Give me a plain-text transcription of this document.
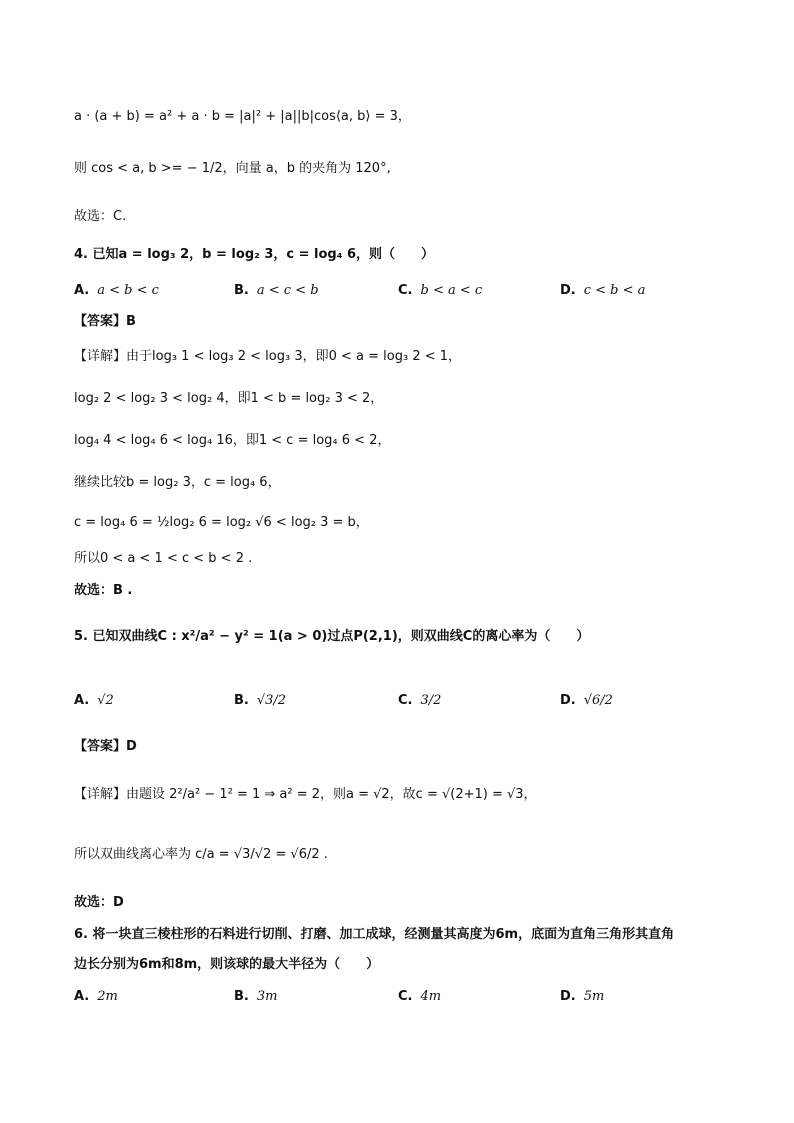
a · (a + b) = a² + a · b = |a|² + |a||b|cos⟨a, b⟩ = 3，
则 cos < a, b >= − 1/2，向量 a，b 的夹角为 120°,
故选：C.
4. 已知a = log₃ 2，b = log₂ 3，c = log₄ 6，则（　　）
A. a < b < c	B. a < c < b	C. b < a < c	D. c < b < a
【答案】B
【详解】由于log₃ 1 < log₃ 2 < log₃ 3，即0 < a = log₃ 2 < 1，
log₂ 2 < log₂ 3 < log₂ 4，即1 < b = log₂ 3 < 2，
log₄ 4 < log₄ 6 < log₄ 16，即1 < c = log₄ 6 < 2，
继续比较b = log₂ 3，c = log₄ 6，
c = log₄ 6 = ½log₂ 6 = log₂ √6 < log₂ 3 = b，
所以0 < a < 1 < c < b < 2 .
故选：B .
5. 已知双曲线C : x²/a² − y² = 1(a > 0)过点P(2,1)，则双曲线C的离心率为（　　）
A. √2	B. √3/2	C. 3/2	D. √6/2
【答案】D
【详解】由题设 2²/a² − 1² = 1 ⇒ a² = 2，则a = √2，故c = √(2+1) = √3，
所以双曲线离心率为 c/a = √3/√2 = √6/2 .
故选：D
6. 将一块直三棱柱形的石料进行切削、打磨、加工成球，经测量其高度为6m，底面为直角三角形其直角
边长分别为6m和8m，则该球的最大半径为（　　）
A. 2m	B. 3m	C. 4m	D. 5m
